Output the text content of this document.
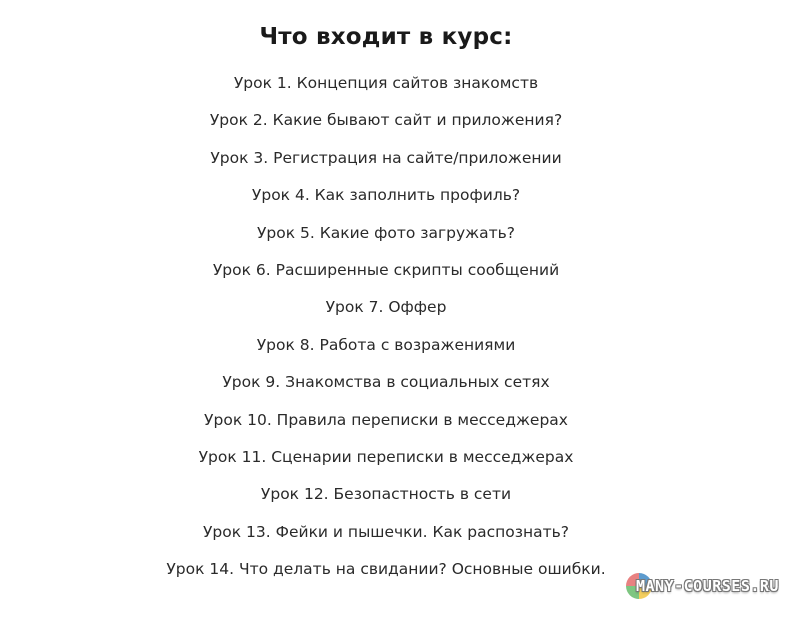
Что входит в курс:
Урок 1. Концепция сайтов знакомств
Урок 2. Какие бывают сайт и приложения?
Урок 3. Регистрация на сайте/приложении
Урок 4. Как заполнить профиль?
Урок 5. Какие фото загружать?
Урок 6. Расширенные скрипты сообщений
Урок 7. Оффер
Урок 8. Работа с возражениями
Урок 9. Знакомства в социальных сетях
Урок 10. Правила переписки в месседжерах
Урок 11. Сценарии переписки в месседжерах
Урок 12. Безопастность в сети
Урок 13. Фейки и пышечки. Как распознать?
Урок 14. Что делать на свидании? Основные ошибки.
MANY-COURSES.RU
